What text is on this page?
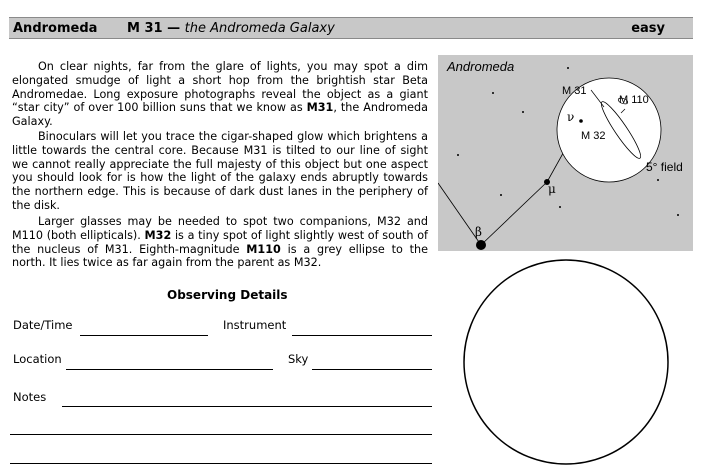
Andromeda M 31 — the Andromeda Galaxy	easy

On clear nights, far from the glare of lights, you may spot a dim elongated smudge of light a short hop from the brightish star Beta Andromedae. Long exposure photographs reveal the object as a giant “star city” of over 100 billion suns that we know as M31, the Andromeda Galaxy.

Binoculars will let you trace the cigar-shaped glow which brightens a little towards the central core. Because M31 is tilted to our line of sight we cannot really appreciate the full majesty of this object but one aspect you should look for is how the light of the galaxy ends abruptly towards the northern edge. This is because of dark dust lanes in the periphery of the disk.

Larger glasses may be needed to spot two companions, M32 and M110 (both ellipticals). M32 is a tiny spot of light slightly west of south of the nucleus of M31. Eighth-magnitude M110 is a grey ellipse to the north. It lies twice as far again from the parent as M32.

Observing Details
Date/Time	Instrument
Location	Sky
Notes
Andromeda
M 31
M 110
M 32
ν
μ
β
5° field
